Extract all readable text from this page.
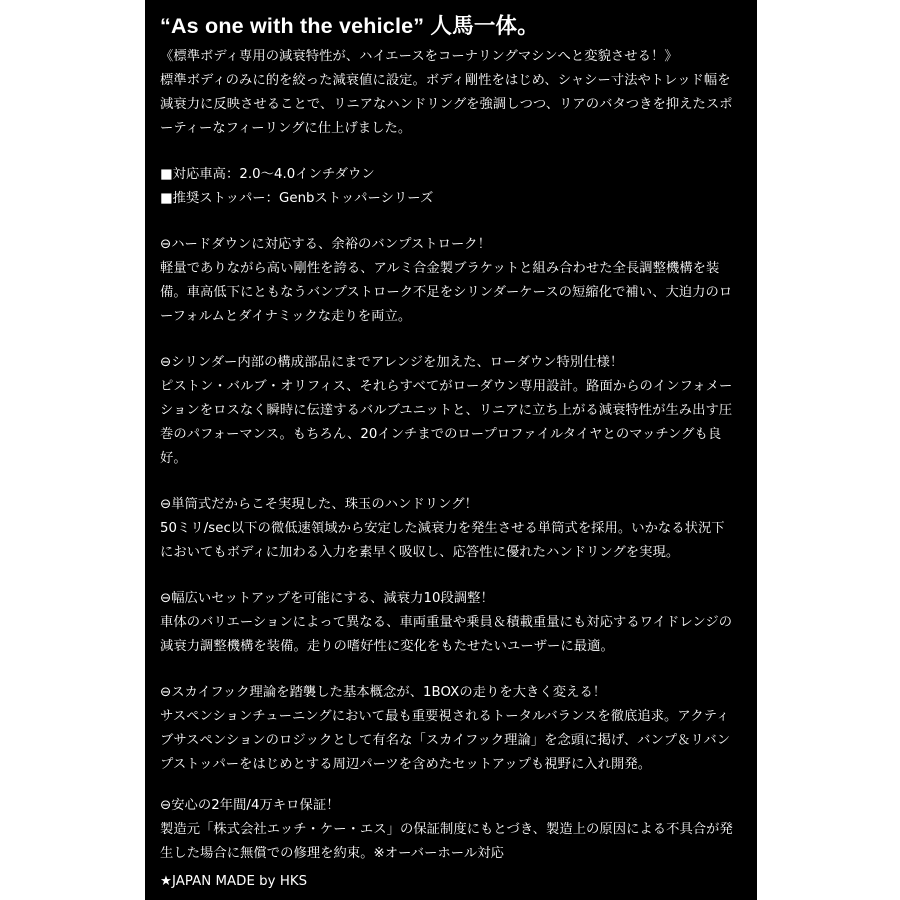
“As one with the vehicle” 人馬一体。
《標準ボディ専用の減衰特性が、ハイエースをコーナリングマシンへと変貌させる！》
標準ボディのみに的を絞った減衰値に設定。ボディ剛性をはじめ、シャシー寸法やトレッド幅を
減衰力に反映させることで、リニアなハンドリングを強調しつつ、リアのバタつきを抑えたスポ
ーティーなフィーリングに仕上げました。
■対応車高：2.0～4.0インチダウン
■推奨ストッパー：Genbストッパーシリーズ
⊖ハードダウンに対応する、余裕のバンプストローク！
軽量でありながら高い剛性を誇る、アルミ合金製ブラケットと組み合わせた全長調整機構を装
備。車高低下にともなうバンプストローク不足をシリンダーケースの短縮化で補い、大迫力のロ
ーフォルムとダイナミックな走りを両立。
⊖シリンダー内部の構成部品にまでアレンジを加えた、ローダウン特別仕様！
ピストン・バルブ・オリフィス、それらすべてがローダウン専用設計。路面からのインフォメー
ションをロスなく瞬時に伝達するバルブユニットと、リニアに立ち上がる減衰特性が生み出す圧
巻のパフォーマンス。もちろん、20インチまでのロープロファイルタイヤとのマッチングも良
好。
⊖単筒式だからこそ実現した、珠玉のハンドリング！
50ミリ/sec以下の微低速領域から安定した減衰力を発生させる単筒式を採用。いかなる状況下
においてもボディに加わる入力を素早く吸収し、応答性に優れたハンドリングを実現。
⊖幅広いセットアップを可能にする、減衰力10段調整！
車体のバリエーションによって異なる、車両重量や乗員＆積載重量にも対応するワイドレンジの
減衰力調整機構を装備。走りの嗜好性に変化をもたせたいユーザーに最適。
⊖スカイフック理論を踏襲した基本概念が、1BOXの走りを大きく変える！
サスペンションチューニングにおいて最も重要視されるトータルバランスを徹底追求。アクティ
ブサスペンションのロジックとして有名な「スカイフック理論」を念頭に掲げ、バンプ＆リバン
プストッパーをはじめとする周辺パーツを含めたセットアップも視野に入れ開発。
⊖安心の2年間/4万キロ保証！
製造元「株式会社エッチ・ケー・エス」の保証制度にもとづき、製造上の原因による不具合が発
生した場合に無償での修理を約束。※オーバーホール対応
★JAPAN MADE by HKS
